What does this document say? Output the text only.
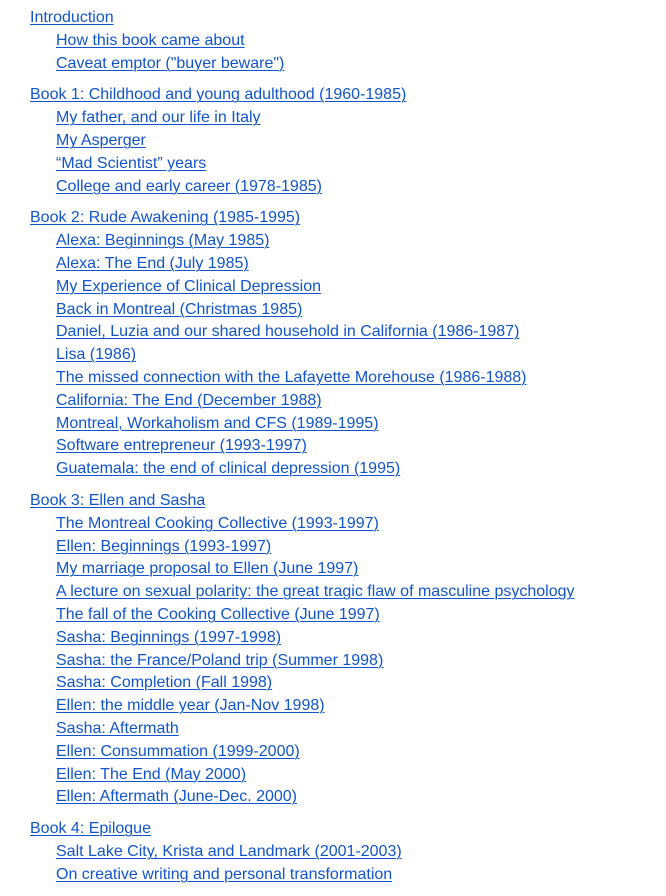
Introduction
How this book came about
Caveat emptor ("buyer beware")
Book 1: Childhood and young adulthood (1960-1985)
My father, and our life in Italy
My Asperger
“Mad Scientist” years
College and early career (1978-1985)
Book 2: Rude Awakening (1985-1995)
Alexa: Beginnings (May 1985)
Alexa: The End (July 1985)
My Experience of Clinical Depression
Back in Montreal (Christmas 1985)
Daniel, Luzia and our shared household in California (1986-1987)
Lisa (1986)
The missed connection with the Lafayette Morehouse (1986-1988)
California: The End (December 1988)
Montreal, Workaholism and CFS (1989-1995)
Software entrepreneur (1993-1997)
Guatemala: the end of clinical depression (1995)
Book 3: Ellen and Sasha
The Montreal Cooking Collective (1993-1997)
Ellen: Beginnings (1993-1997)
My marriage proposal to Ellen (June 1997)
A lecture on sexual polarity: the great tragic flaw of masculine psychology
The fall of the Cooking Collective (June 1997)
Sasha: Beginnings (1997-1998)
Sasha: the France/Poland trip (Summer 1998)
Sasha: Completion (Fall 1998)
Ellen: the middle year (Jan-Nov 1998)
Sasha: Aftermath
Ellen: Consummation (1999-2000)
Ellen: The End (May 2000)
Ellen: Aftermath (June-Dec. 2000)
Book 4: Epilogue
Salt Lake City, Krista and Landmark (2001-2003)
On creative writing and personal transformation
